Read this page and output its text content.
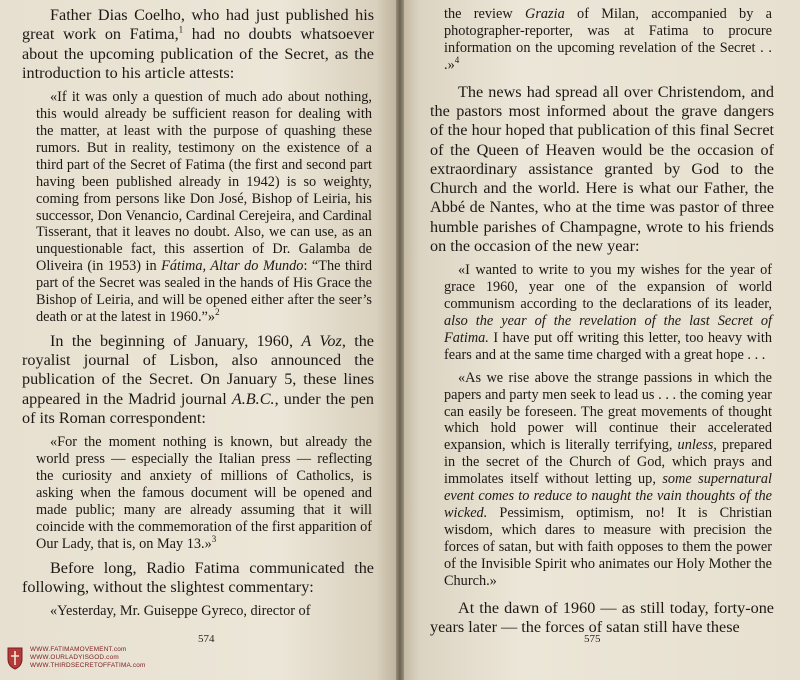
Father Dias Coelho, who had just published his great work on Fatima,$^1$ had no doubts whatsoever about the upcoming publication of the Secret, as the introduction to his article attests:

«If it was only a question of much ado about nothing, this would already be sufficient reason for dealing with the matter, at least with the purpose of quashing these rumors. But in reality, testimony on the existence of a third part of the Secret of Fatima (the first and second part having been published already in 1942) is so weighty, coming from persons like Don José, Bishop of Leiria, his successor, Don Venancio, Cardinal Cerejeira, and Cardinal Tisserant, that it leaves no doubt. Also, we can use, as an unquestionable fact, this assertion of Dr. Galamba de Oliveira (in 1953) in Fátima, Altar do Mundo: “The third part of the Secret was sealed in the hands of His Grace the Bishop of Leiria, and will be opened either after the seer’s death or at the latest in 1960.”»$^2$

In the beginning of January, 1960, A Voz, the royalist journal of Lisbon, also announced the publication of the Secret. On January 5, these lines appeared in the Madrid journal A.B.C., under the pen of its Roman correspondent:

«For the moment nothing is known, but already the world press — especially the Italian press — reflecting the curiosity and anxiety of millions of Catholics, is asking when the famous document will be opened and made public; many are already assuming that it will coincide with the commemoration of the first apparition of Our Lady, that is, on May 13.»$^3$

Before long, Radio Fatima communicated the following, without the slightest commentary:

«Yesterday, Mr. Guiseppe Gyreco, director of

574
WWW.FATIMAMOVEMENT.com
WWW.OURLADYISGOD.com
WWW.THIRDSECRETOFFATIMA.com

the review Grazia of Milan, accompanied by a photographer-reporter, was at Fatima to procure information on the upcoming revelation of the Secret . . .»$^4$

The news had spread all over Christendom, and the pastors most informed about the grave dangers of the hour hoped that publication of this final Secret of the Queen of Heaven would be the occasion of extraordinary assistance granted by God to the Church and the world. Here is what our Father, the Abbé de Nantes, who at the time was pastor of three humble parishes of Champagne, wrote to his friends on the occasion of the new year:

«I wanted to write to you my wishes for the year of grace 1960, year one of the expansion of world communism according to the declarations of its leader, also the year of the revelation of the last Secret of Fatima. I have put off writing this letter, too heavy with fears and at the same time charged with a great hope . . .

«As we rise above the strange passions in which the papers and party men seek to lead us . . . the coming year can easily be foreseen. The great movements of thought which hold power will continue their accelerated expansion, which is literally terrifying, unless, prepared in the secret of the Church of God, which prays and immolates itself without letting up, some supernatural event comes to reduce to naught the vain thoughts of the wicked. Pessimism, optimism, no! It is Christian wisdom, which dares to measure with precision the forces of satan, but with faith opposes to them the power of the Invisible Spirit who animates our Holy Mother the Church.»

At the dawn of 1960 — as still today, forty-one years later — the forces of satan still have these

575
